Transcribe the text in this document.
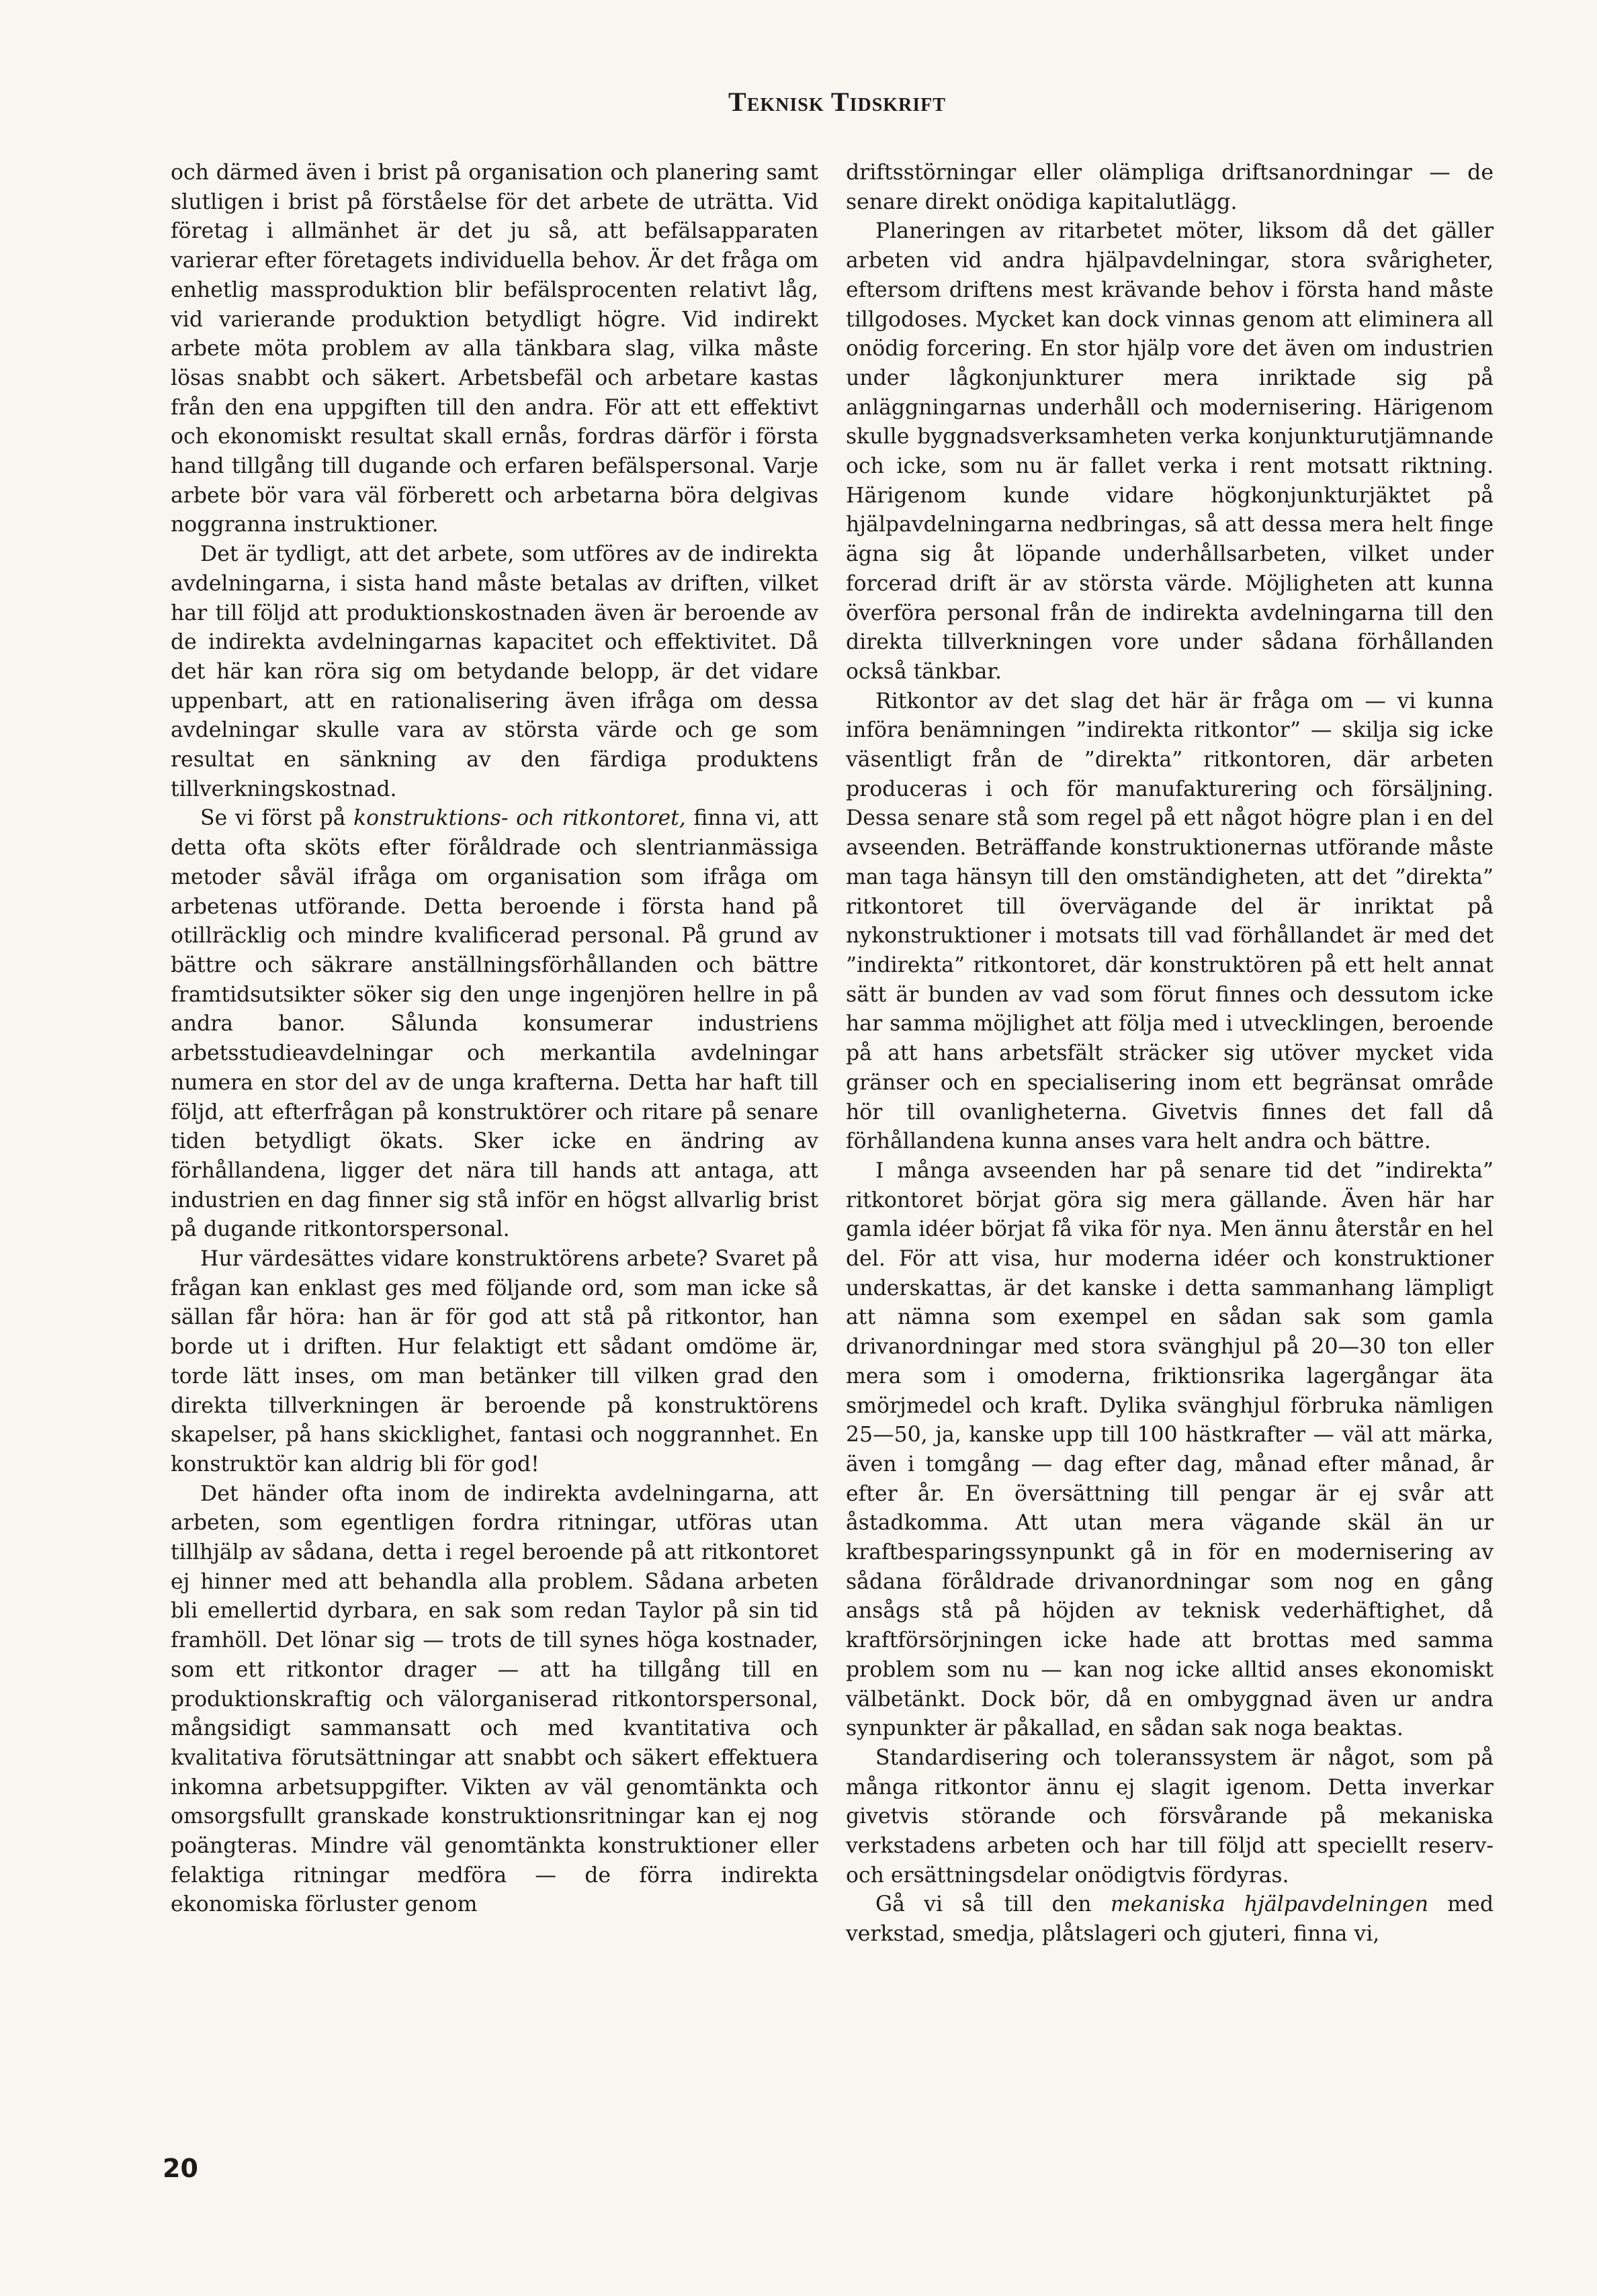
Teknisk Tidskrift

och därmed även i brist på organisation och planering samt slutligen i brist på förståelse för det arbete de uträtta. Vid företag i allmänhet är det ju så, att befälsapparaten varierar efter företagets individuella behov. Är det fråga om enhetlig massproduktion blir befälsprocenten relativt låg, vid varierande produktion betydligt högre. Vid indirekt arbete möta problem av alla tänkbara slag, vilka måste lösas snabbt och säkert. Arbetsbefäl och arbetare kastas från den ena uppgiften till den andra. För att ett effektivt och ekonomiskt resultat skall ernås, fordras därför i första hand tillgång till dugande och erfaren befälspersonal. Varje arbete bör vara väl förberett och arbetarna böra delgivas noggranna instruktioner.

Det är tydligt, att det arbete, som utföres av de indirekta avdelningarna, i sista hand måste betalas av driften, vilket har till följd att produktionskostnaden även är beroende av de indirekta avdelningarnas kapacitet och effektivitet. Då det här kan röra sig om betydande belopp, är det vidare uppenbart, att en rationalisering även ifråga om dessa avdelningar skulle vara av största värde och ge som resultat en sänkning av den färdiga produktens tillverkningskostnad.

Se vi först på konstruktions- och ritkontoret, finna vi, att detta ofta sköts efter föråldrade och slentrianmässiga metoder såväl ifråga om organisation som ifråga om arbetenas utförande. Detta beroende i första hand på otillräcklig och mindre kvalificerad personal. På grund av bättre och säkrare anställningsförhållanden och bättre framtidsutsikter söker sig den unge ingenjören hellre in på andra banor. Sålunda konsumerar industriens arbetsstudieavdelningar och merkantila avdelningar numera en stor del av de unga krafterna. Detta har haft till följd, att efterfrågan på konstruktörer och ritare på senare tiden betydligt ökats. Sker icke en ändring av förhållandena, ligger det nära till hands att antaga, att industrien en dag finner sig stå inför en högst allvarlig brist på dugande ritkontorspersonal.

Hur värdesättes vidare konstruktörens arbete? Svaret på frågan kan enklast ges med följande ord, som man icke så sällan får höra: han är för god att stå på ritkontor, han borde ut i driften. Hur felaktigt ett sådant omdöme är, torde lätt inses, om man betänker till vilken grad den direkta tillverkningen är beroende på konstruktörens skapelser, på hans skicklighet, fantasi och noggrannhet. En konstruktör kan aldrig bli för god!

Det händer ofta inom de indirekta avdelningarna, att arbeten, som egentligen fordra ritningar, utföras utan tillhjälp av sådana, detta i regel beroende på att ritkontoret ej hinner med att behandla alla problem. Sådana arbeten bli emellertid dyrbara, en sak som redan Taylor på sin tid framhöll. Det lönar sig — trots de till synes höga kostnader, som ett ritkontor drager — att ha tillgång till en produktionskraftig och välorganiserad ritkontorspersonal, mångsidigt sammansatt och med kvantitativa och kvalitativa förutsättningar att snabbt och säkert effektuera inkomna arbetsuppgifter. Vikten av väl genomtänkta och omsorgsfullt granskade konstruktionsritningar kan ej nog poängteras. Mindre väl genomtänkta konstruktioner eller felaktiga ritningar medföra — de förra indirekta ekonomiska förluster genom

driftsstörningar eller olämpliga driftsanordningar — de senare direkt onödiga kapitalutlägg.

Planeringen av ritarbetet möter, liksom då det gäller arbeten vid andra hjälpavdelningar, stora svårigheter, eftersom driftens mest krävande behov i första hand måste tillgodoses. Mycket kan dock vinnas genom att eliminera all onödig forcering. En stor hjälp vore det även om industrien under lågkonjunkturer mera inriktade sig på anläggningarnas underhåll och modernisering. Härigenom skulle byggnadsverksamheten verka konjunkturutjämnande och icke, som nu är fallet verka i rent motsatt riktning. Härigenom kunde vidare högkonjunkturjäktet på hjälpavdelningarna nedbringas, så att dessa mera helt finge ägna sig åt löpande underhållsarbeten, vilket under forcerad drift är av största värde. Möjligheten att kunna överföra personal från de indirekta avdelningarna till den direkta tillverkningen vore under sådana förhållanden också tänkbar.

Ritkontor av det slag det här är fråga om — vi kunna införa benämningen ”indirekta ritkontor” — skilja sig icke väsentligt från de ”direkta” ritkontoren, där arbeten produceras i och för manufakturering och försäljning. Dessa senare stå som regel på ett något högre plan i en del avseenden. Beträffande konstruktionernas utförande måste man taga hänsyn till den omständigheten, att det ”direkta” ritkontoret till övervägande del är inriktat på nykonstruktioner i motsats till vad förhållandet är med det ”indirekta” ritkontoret, där konstruktören på ett helt annat sätt är bunden av vad som förut finnes och dessutom icke har samma möjlighet att följa med i utvecklingen, beroende på att hans arbetsfält sträcker sig utöver mycket vida gränser och en specialisering inom ett begränsat område hör till ovanligheterna. Givetvis finnes det fall då förhållandena kunna anses vara helt andra och bättre.

I många avseenden har på senare tid det ”indirekta” ritkontoret börjat göra sig mera gällande. Även här har gamla idéer börjat få vika för nya. Men ännu återstår en hel del. För att visa, hur moderna idéer och konstruktioner underskattas, är det kanske i detta sammanhang lämpligt att nämna som exempel en sådan sak som gamla drivanordningar med stora svänghjul på 20—30 ton eller mera som i omoderna, friktionsrika lagergångar äta smörjmedel och kraft. Dylika svänghjul förbruka nämligen 25—50, ja, kanske upp till 100 hästkrafter — väl att märka, även i tomgång — dag efter dag, månad efter månad, år efter år. En översättning till pengar är ej svår att åstadkomma. Att utan mera vägande skäl än ur kraftbesparingssynpunkt gå in för en modernisering av sådana föråldrade drivanordningar som nog en gång ansågs stå på höjden av teknisk vederhäftighet, då kraftförsörjningen icke hade att brottas med samma problem som nu — kan nog icke alltid anses ekonomiskt välbetänkt. Dock bör, då en ombyggnad även ur andra synpunkter är påkallad, en sådan sak noga beaktas.

Standardisering och toleranssystem är något, som på många ritkontor ännu ej slagit igenom. Detta inverkar givetvis störande och försvårande på mekaniska verkstadens arbeten och har till följd att speciellt reserv- och ersättningsdelar onödigtvis fördyras.

Gå vi så till den mekaniska hjälpavdelningen med verkstad, smedja, plåtslageri och gjuteri, finna vi,

20
